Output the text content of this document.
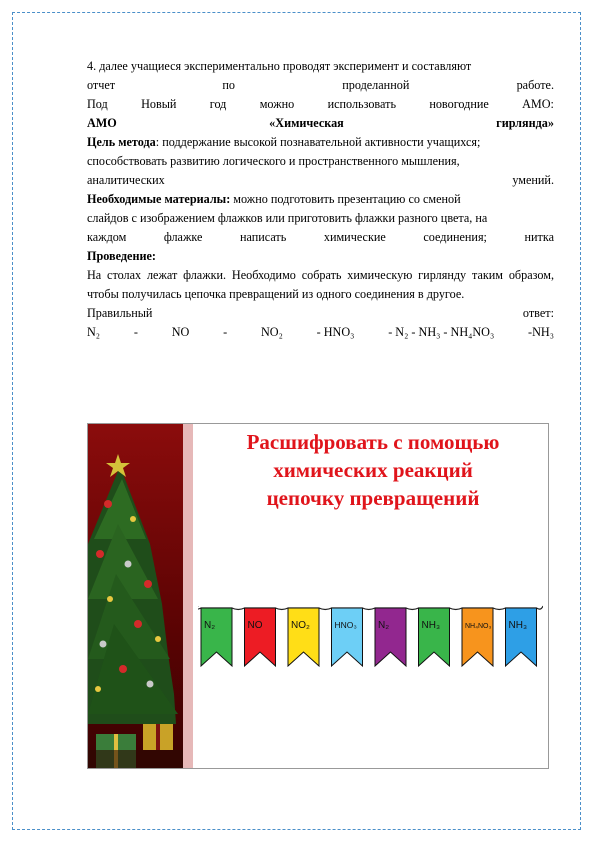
4. далее учащиеся экспериментально проводят эксперимент и составляют
отчет	по	проделанной	работе.
Под	Новый	год	можно	использовать	новогодние	АМО:
АМО	«Химическая	гирлянда»
Цель метода: поддержание высокой познавательной активности учащихся;
способствовать развитию логического и пространственного мышления,
аналитических	умений.
Необходимые материалы: можно подготовить презентацию со сменой
слайдов с изображением флажков или приготовить флажки разного цвета, на
каждом	флажке	написать	химические	соединения;	нитка
Проведение:
На столах лежат флажки. Необходимо собрать химическую гирлянду таким образом, чтобы получилась цепочка превращений из одного соединения в другое.
Правильный	ответ:
N₂	-	NO	-	NO₂	- HNO₃	- N₂ - NH₃ - NH₄NO₃	-NH₃
Расшифровать с помощью
химических реакций
цепочку превращений
N₂	NO	NO₂	HNO₃ N₂	NH₃	NH₄NO₃ NH₃
